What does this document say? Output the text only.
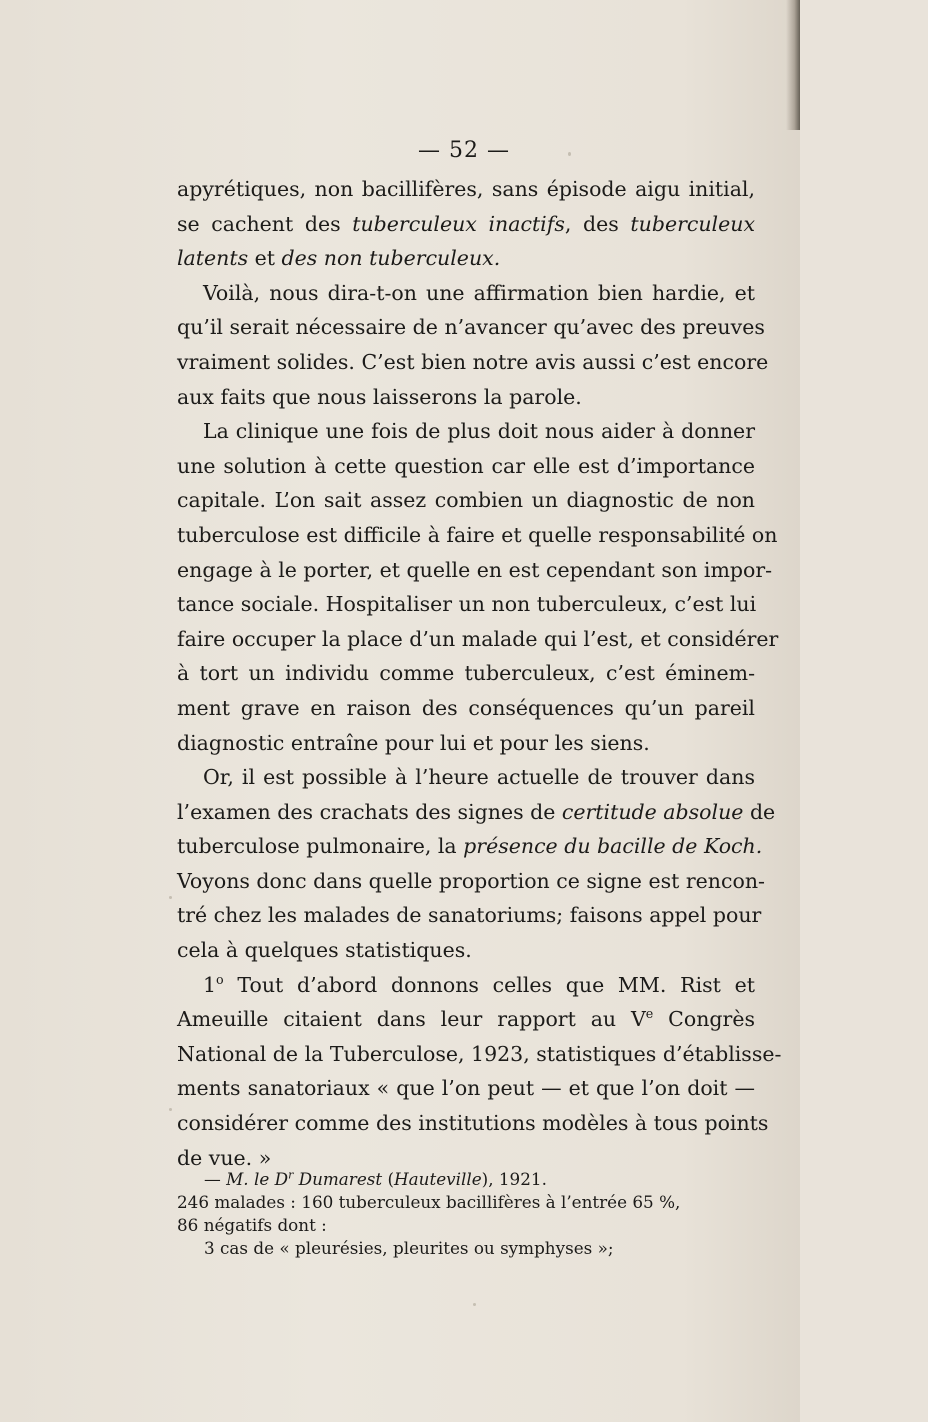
— 52 —
apyrétiques, non bacillifères, sans épisode aigu initial,
se cachent des tuberculeux inactifs, des tuberculeux
latents et des non tuberculeux.
Voilà, nous dira-t-on une affirmation bien hardie, et
qu’il serait nécessaire de n’avancer qu’avec des preuves
vraiment solides. C’est bien notre avis aussi c’est encore
aux faits que nous laisserons la parole.
La clinique une fois de plus doit nous aider à donner
une solution à cette question car elle est d’importance
capitale. L’on sait assez combien un diagnostic de non
tuberculose est difficile à faire et quelle responsabilité on
engage à le porter, et quelle en est cependant son impor-
tance sociale. Hospitaliser un non tuberculeux, c’est lui
faire occuper la place d’un malade qui l’est, et considérer
à tort un individu comme tuberculeux, c’est éminem-
ment grave en raison des conséquences qu’un pareil
diagnostic entraîne pour lui et pour les siens.
Or, il est possible à l’heure actuelle de trouver dans
l’examen des crachats des signes de certitude absolue de
tuberculose pulmonaire, la présence du bacille de Koch.
Voyons donc dans quelle proportion ce signe est rencon-
tré chez les malades de sanatoriums; faisons appel pour
cela à quelques statistiques.
1$^o$ Tout d’abord donnons celles que MM. Rist et
Ameuille citaient dans leur rapport au Ve Congrès
National de la Tuberculose, 1923, statistiques d’établisse-
ments sanatoriaux « que l’on peut — et que l’on doit —
considérer comme des institutions modèles à tous points
de vue. »
— M. le $D^r$ Dumarest (Hauteville), 1921.
246 malades : 160 tuberculeux bacillifères à l’entrée 65 %,
86 négatifs dont :
3 cas de « pleurésies, pleurites ou symphyses »;
